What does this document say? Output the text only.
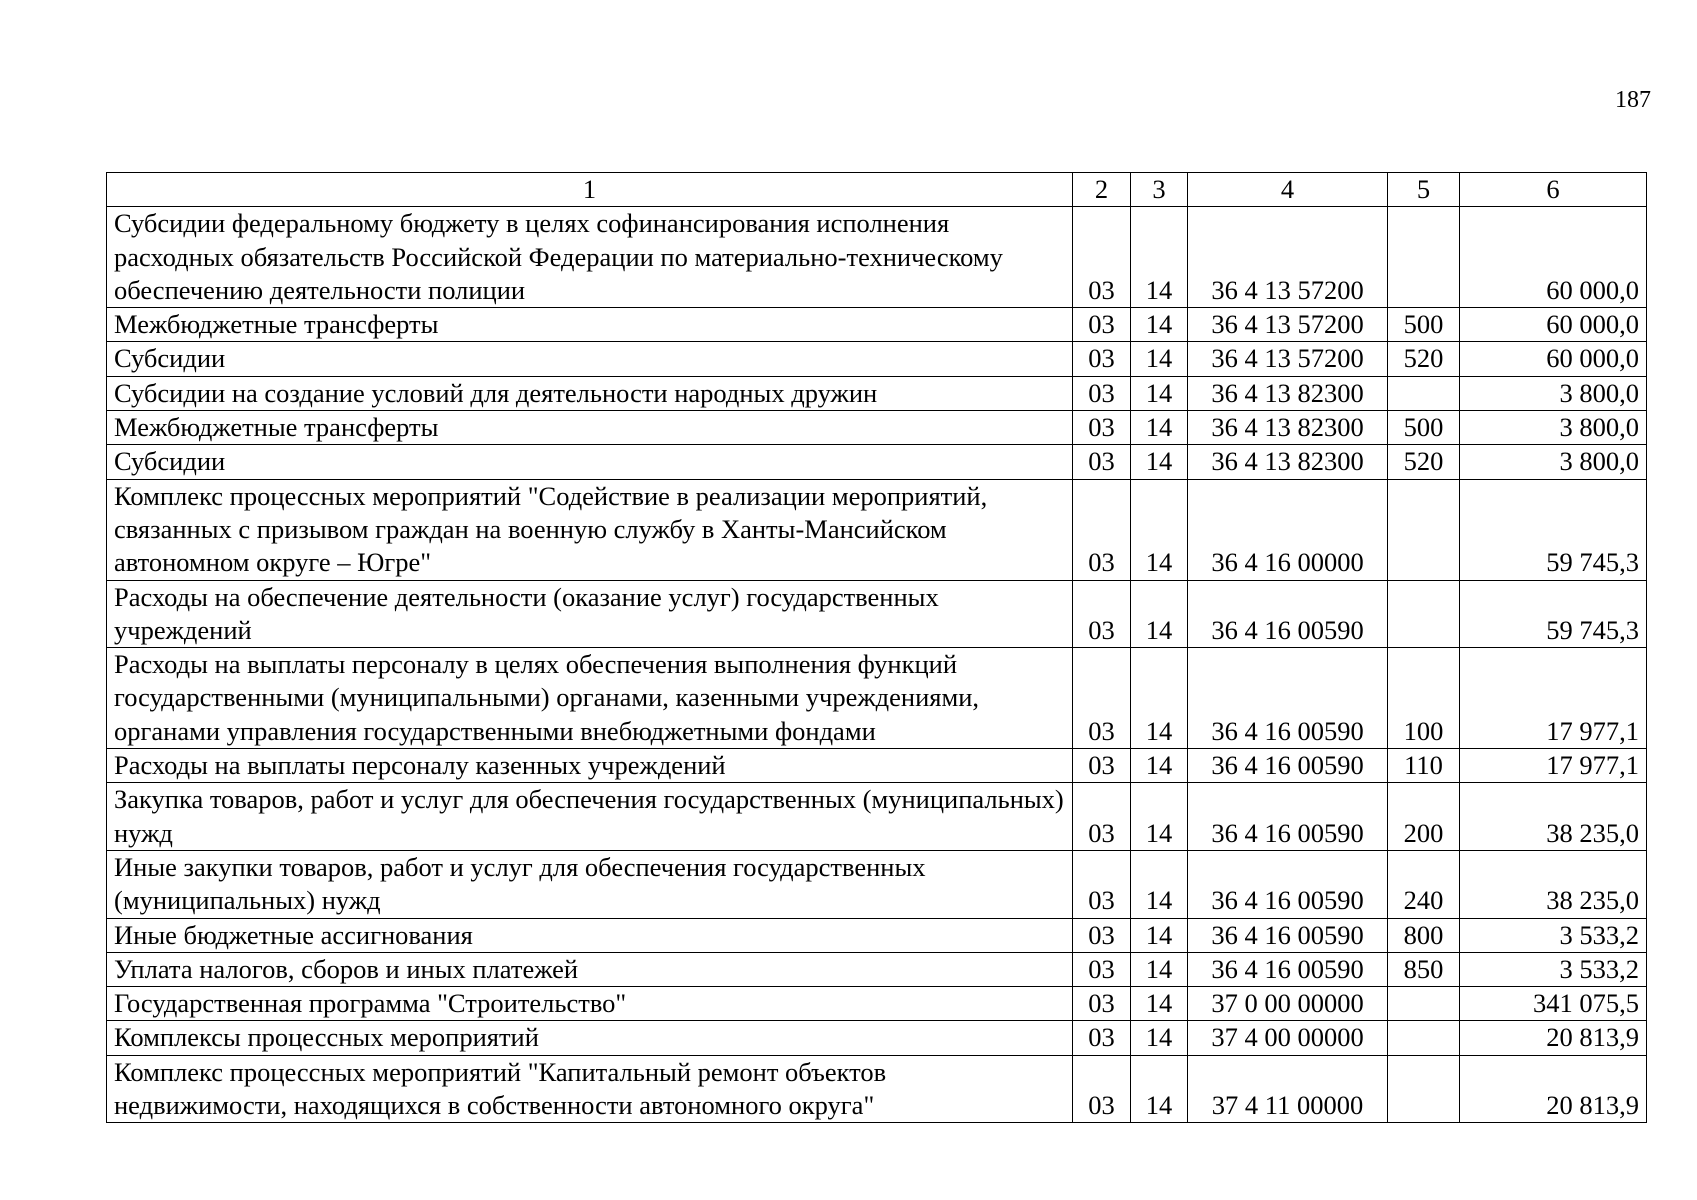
187
1	2	3	4	5	6
Субсидии федеральному бюджету в целях софинансирования исполнения расходных обязательств Российской Федерации по материально-техническому обеспечению деятельности полиции	03	14	36 4 13 57200		60 000,0
Межбюджетные трансферты	03	14	36 4 13 57200	500	60 000,0
Субсидии	03	14	36 4 13 57200	520	60 000,0
Субсидии на создание условий для деятельности народных дружин	03	14	36 4 13 82300		3 800,0
Межбюджетные трансферты	03	14	36 4 13 82300	500	3 800,0
Субсидии	03	14	36 4 13 82300	520	3 800,0
Комплекс процессных мероприятий "Содействие в реализации мероприятий, связанных с призывом граждан на военную службу в Ханты-Мансийском автономном округе – Югре"	03	14	36 4 16 00000		59 745,3
Расходы на обеспечение деятельности (оказание услуг) государственных учреждений	03	14	36 4 16 00590		59 745,3
Расходы на выплаты персоналу в целях обеспечения выполнения функций государственными (муниципальными) органами, казенными учреждениями, органами управления государственными внебюджетными фондами	03	14	36 4 16 00590	100	17 977,1
Расходы на выплаты персоналу казенных учреждений	03	14	36 4 16 00590	110	17 977,1
Закупка товаров, работ и услуг для обеспечения государственных (муниципальных) нужд	03	14	36 4 16 00590	200	38 235,0
Иные закупки товаров, работ и услуг для обеспечения государственных (муниципальных) нужд	03	14	36 4 16 00590	240	38 235,0
Иные бюджетные ассигнования	03	14	36 4 16 00590	800	3 533,2
Уплата налогов, сборов и иных платежей	03	14	36 4 16 00590	850	3 533,2
Государственная программа "Строительство"	03	14	37 0 00 00000		341 075,5
Комплексы процессных мероприятий	03	14	37 4 00 00000		20 813,9
Комплекс процессных мероприятий "Капитальный ремонт объектов недвижимости, находящихся в собственности автономного округа"	03	14	37 4 11 00000		20 813,9
